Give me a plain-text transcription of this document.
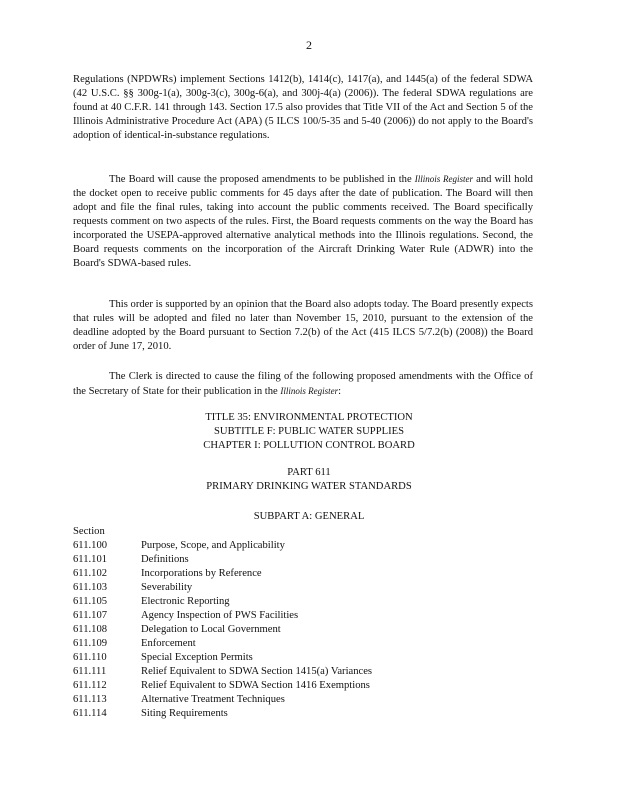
2

Regulations (NPDWRs) implement Sections 1412(b), 1414(c), 1417(a), and 1445(a) of the federal SDWA (42 U.S.C. §§ 300g-1(a), 300g-3(c), 300g-6(a), and 300j-4(a) (2006)). The federal SDWA regulations are found at 40 C.F.R. 141 through 143. Section 17.5 also provides that Title VII of the Act and Section 5 of the Illinois Administrative Procedure Act (APA) (5 ILCS 100/5-35 and 5-40 (2006)) do not apply to the Board's adoption of identical-in-substance regulations.

The Board will cause the proposed amendments to be published in the Illinois Register and will hold the docket open to receive public comments for 45 days after the date of publication. The Board will then adopt and file the final rules, taking into account the public comments received. The Board specifically requests comment on two aspects of the rules. First, the Board requests comments on the way the Board has incorporated the USEPA-approved alternative analytical methods into the Illinois regulations. Second, the Board requests comments on the incorporation of the Aircraft Drinking Water Rule (ADWR) into the Board's SDWA-based rules.

This order is supported by an opinion that the Board also adopts today. The Board presently expects that rules will be adopted and filed no later than November 15, 2010, pursuant to the extension of the deadline adopted by the Board pursuant to Section 7.2(b) of the Act (415 ILCS 5/7.2(b) (2008)) the Board order of June 17, 2010.

The Clerk is directed to cause the filing of the following proposed amendments with the Office of the Secretary of State for their publication in the Illinois Register:

TITLE 35: ENVIRONMENTAL PROTECTION
SUBTITLE F: PUBLIC WATER SUPPLIES
CHAPTER I: POLLUTION CONTROL BOARD
PART 611
PRIMARY DRINKING WATER STANDARDS
SUBPART A: GENERAL
Section
611.100	Purpose, Scope, and Applicability
611.101	Definitions
611.102	Incorporations by Reference
611.103	Severability
611.105	Electronic Reporting
611.107	Agency Inspection of PWS Facilities
611.108	Delegation to Local Government
611.109	Enforcement
611.110	Special Exception Permits
611.111	Relief Equivalent to SDWA Section 1415(a) Variances
611.112	Relief Equivalent to SDWA Section 1416 Exemptions
611.113	Alternative Treatment Techniques
611.114	Siting Requirements
